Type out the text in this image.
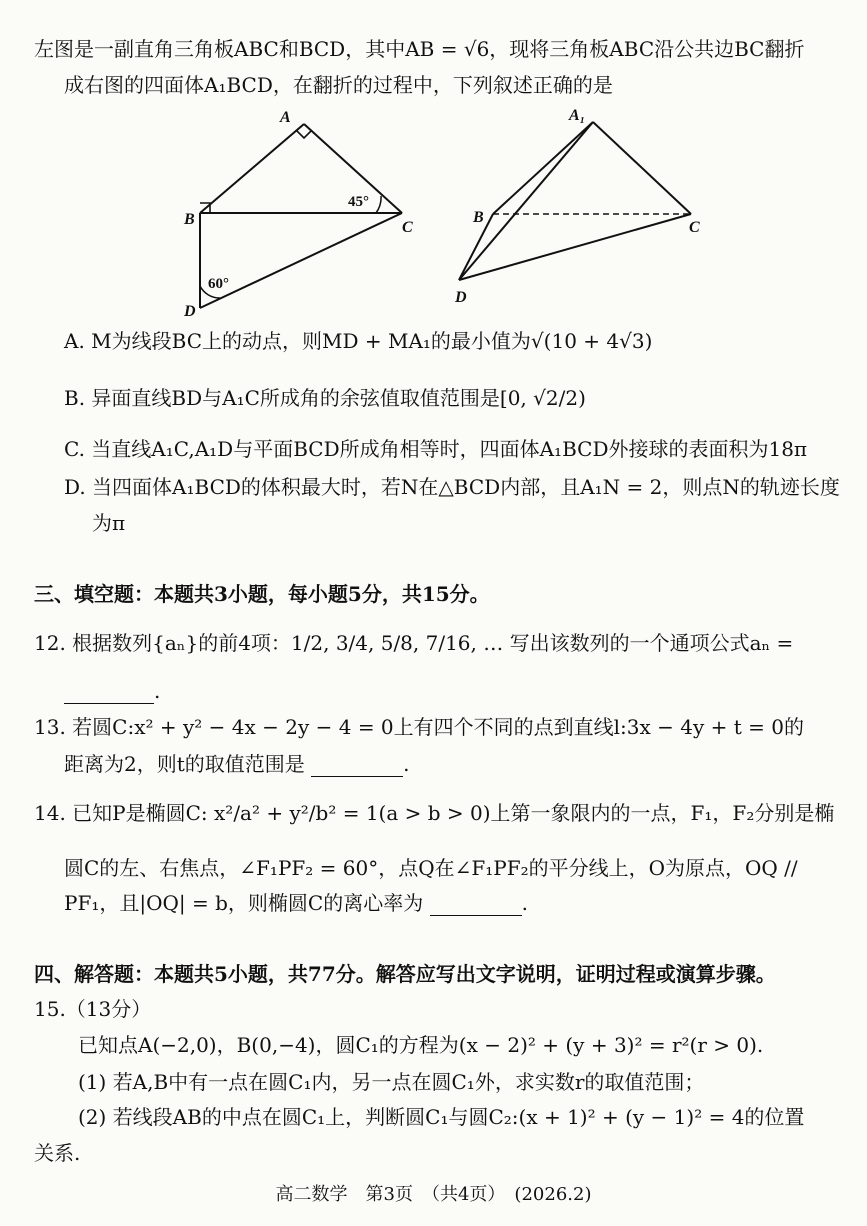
左图是一副直角三角板ABC和BCD，其中AB = √6，现将三角板ABC沿公共边BC翻折
成右图的四面体A₁BCD，在翻折的过程中，下列叙述正确的是
A
B	C
D
45°
60°
A₁
B
C
D
A. M为线段BC上的动点，则MD + MA₁的最小值为√(10 + 4√3)
B. 异面直线BD与A₁C所成角的余弦值取值范围是[0, √2/2)
C. 当直线A₁C,A₁D与平面BCD所成角相等时，四面体A₁BCD外接球的表面积为18π
D. 当四面体A₁BCD的体积最大时，若N在△BCD内部，且A₁N = 2，则点N的轨迹长度
为π
三、填空题：本题共3小题，每小题5分，共15分。
12. 根据数列{aₙ}的前4项：1/2, 3/4, 5/8, 7/16, … 写出该数列的一个通项公式aₙ =
.
13. 若圆C:x² + y² − 4x − 2y − 4 = 0上有四个不同的点到直线l:3x − 4y + t = 0的
距离为2，则t的取值范围是	.
14. 已知P是椭圆C: x²/a² + y²/b² = 1(a > b > 0)上第一象限内的一点，F₁，F₂分别是椭
圆C的左、右焦点，∠F₁PF₂ = 60°，点Q在∠F₁PF₂的平分线上，O为原点，OQ //
PF₁，且|OQ| = b，则椭圆C的离心率为	.
四、解答题：本题共5小题，共77分。解答应写出文字说明，证明过程或演算步骤。
15.（13分）
已知点A(−2,0)，B(0,−4)，圆C₁的方程为(x − 2)² + (y + 3)² = r²(r > 0).
(1) 若A,B中有一点在圆C₁内，另一点在圆C₁外，求实数r的取值范围；
(2) 若线段AB的中点在圆C₁上，判断圆C₁与圆C₂:(x + 1)² + (y − 1)² = 4的位置
关系.
高二数学　第3页　（共4页）　(2026.2)
